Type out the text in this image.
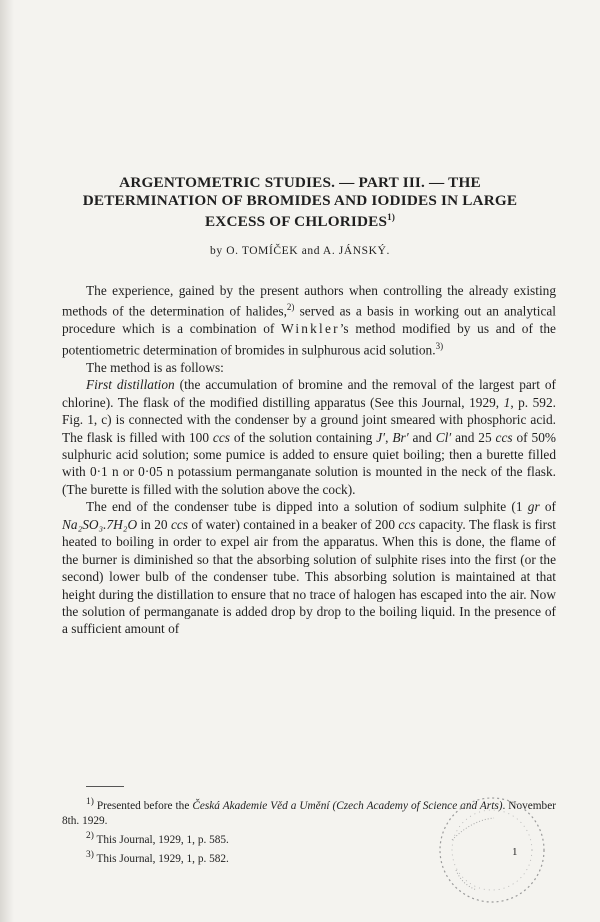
ARGENTOMETRIC STUDIES. — PART III. — THE
DETERMINATION OF BROMIDES AND IODIDES IN LARGE
EXCESS OF CHLORIDES$^{1)}$
by O. TOMÍČEK and A. JÁNSKÝ.

The experience, gained by the present authors when controlling the already existing methods of the determination of halides,$^{2)}$ served as a basis in working out an analytical procedure which is a combination of Winkler’s method modified by us and of the potentiometric determination of bromides in sulphurous acid solution.$^{3)}$

The method is as follows:

First distillation (the accumulation of bromine and the removal of the largest part of chlorine). The flask of the modified distilling apparatus (See this Journal, 1929, 1, p. 592. Fig. 1, c) is connected with the condenser by a ground joint smeared with phosphoric acid. The flask is filled with 100 ccs of the solution containing J′, Br′ and Cl′ and 25 ccs of 50% sulphuric acid solution; some pumice is added to ensure quiet boiling; then a burette filled with 0·1 n or 0·05 n potassium permanganate solution is mounted in the neck of the flask. (The burette is filled with the solution above the cock).

The end of the condenser tube is dipped into a solution of sodium sulphite (1 gr of Na₂SO₃.7H₂O in 20 ccs of water) contained in a beaker of 200 ccs capacity. The flask is first heated to boiling in order to expel air from the apparatus. When this is done, the flame of the burner is diminished so that the absorbing solution of sulphite rises into the first (or the second) lower bulb of the condenser tube. This absorbing solution is maintained at that height during the distillation to ensure that no trace of halogen has escaped into the air. Now the solution of permanganate is added drop by drop to the boiling liquid. In the presence of a sufficient amount of

$^{1)}$ Presented before the Česká Akademie Věd a Umění (Czech Academy of Science and Arts). November 8th. 1929.

$^{2)}$ This Journal, 1929, 1, p. 585.

$^{3)}$ This Journal, 1929, 1, p. 582.

1
